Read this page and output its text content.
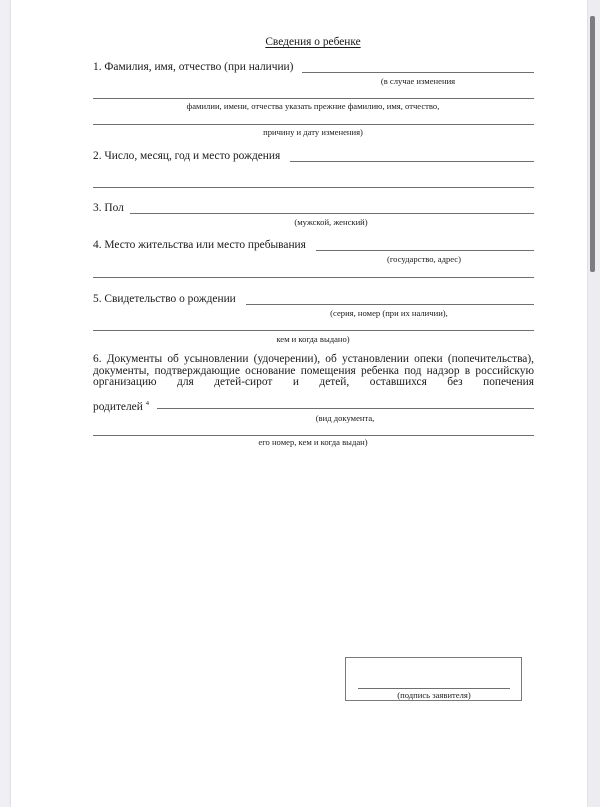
Сведения о ребенке
1. Фамилия, имя, отчество (при наличии)
(в случае изменения
фамилии, имени, отчества указать прежние фамилию, имя, отчество,
причину и дату изменения)
2. Число, месяц, год и место рождения
3. Пол
(мужской, женский)
4. Место жительства или место пребывания
(государство, адрес)
5. Свидетельство о рождении
(серия, номер (при их наличии),
кем и когда выдано)
6. Документы об усыновлении (удочерении), об установлении опеки (попечительства), документы, подтверждающие основание помещения ребенка под надзор в российскую организацию для детей-сирот и детей, оставшихся без попечения
родителей $^4$
(вид документа,
его номер, кем и когда выдан)
(подпись заявителя)
